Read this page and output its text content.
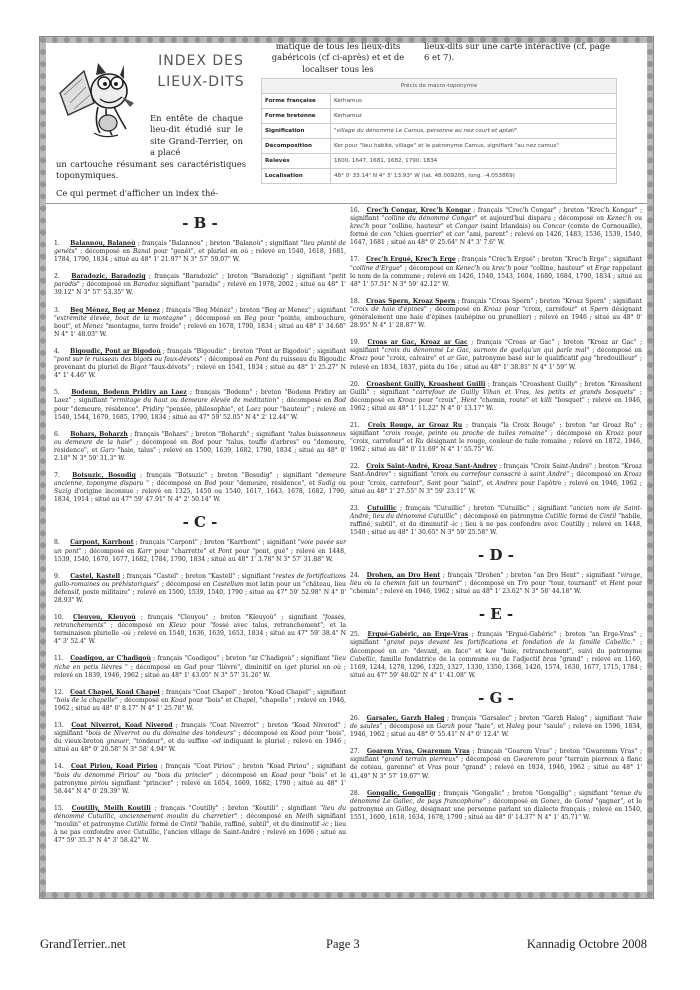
INDEX DES
LIEUX-DITS
En entête de chaque lieu-dit étudié sur le site Grand-Terrier, on a placé
un cartouche résumant ses caractéristiques toponymiques.
Ce qui permet d'afficher un index thé-
matique de tous les lieux-dits gabéricois (cf ci-après) et et de localiser tous les
lieux-dits sur une carte intéractive (cf. page 6 et 7).
Précis de macro-toponymie	
Forme française	Kerhamus
Forme bretonne	Kerhamuz
Signification	"village du dénommé Le Camus, personne au nez court et aplati"
Décomposition	Ker pour "lieu habité, village" et le patronyme Camus, signifiant "au nez camus"
Relevés	1600, 1647, 1681, 1682, 1790, 1834
Localisation	48° 0' 33.14" N 4° 3' 13.93" W (lat. 48.009205, long. -4.053869)
- B -
1. Balannou, Balanoù ; français "Balannou" ; breton "Balanoù" ; signifiant "lieu planté de genêts" ; décomposé en Banal pour "genêt", et pluriel en où ; relevé en 1540, 1618, 1681, 1784, 1790, 1834 ; situé au 48° 1' 21.97" N 3° 57' 59.07" W.
2. Baradozic, Baradozig ; français "Baradozic" ; breton "Baradozig" ; signifiant "petit paradis" ; décomposé en Baradoz signifiant "paradis" ; relevé en 1978, 2002 ; situé au 48° 1' 39.12" N 3° 57' 53.35" W.
3. Beg Ménez, Beg ar Menez ; français "Beg Ménez" ; breton "Beg ar Menez" ; signifiant "extrémité élevée, bout de la montagne" ; décomposé en Beg pour "pointe, embouchure, bout", et Menez "montagne, terre froide" ; relevé en 1678, 1790, 1834 ; situé au 48° 1' 34.68" N 4° 1' 48.03" W.
4. Bigoudic, Pont ar Bigodoù ; français "Bigoudic" ; breton "Pont ar Bigodoù" ; signifiant "pont sur le ruisseau des bigots ou faux-dévots" ; décomposé en Pont du ruisseau du Bigoudic provenant du pluriel de Bigot "faux-dévots" ; relevé en 1541, 1834 ; situé au 48° 1' 25.27" N 4° 1' 4.46" W.
5. Bodenn, Bodenn Pridiry an Laez ; français "Bodenn" ; breton "Bodenn Pridiry an Laez" ; signifiant "ermitage du haut ou demeure élevée de méditation" ; décomposé en Bod pour "demeure, résidence", Pridiry "pensée, philosophie", et Laez pour "hauteur" ; relevé en 1540, 1544, 1679, 1685, 1790, 1834 ; situé au 47° 59' 52.05" N 4° 2' 12.44" W.
6. Bohars, Boharzh ; français "Bohars" ; breton "Boharzh" ; signifiant "talus buissonneux ou demeure de la haie" ; décomposé en Bod pour "talus, touffe d'arbres" ou "demeure, résidence", et Garz "haie, talus" ; relevé en 1500, 1639, 1682, 1790, 1834 ; situé au 48° 0' 2.18" N 3° 59' 31.3" W.
7. Botsuzic, Bosudig ; français "Botsuzic" ; breton "Bosudig" ; signifiant "demeure ancienne, toponyme disparu " ; décomposé en Bod pour "demeure, résidence", et Sudig ou Suzig d'origine inconnue ; relevé en 1325, 1450 ou 1540, 1617, 1643, 1678, 1682, 1790, 1834, 1914 ; situé au 47° 59' 47.91" N 4° 2' 50.14" W.
- C -
8. Carpont, Karrbont ; français "Carpont" ; breton "Karrbont" ; signifiant "voie pavée sur un pont" ; décomposé en Karr pour "charrette" et Pont pour "pont, gué" ; relevé en 1448, 1539, 1540, 1670, 1677, 1682, 1784, 1790, 1834 ; situé au 48° 1' 3.78" N 3° 57' 31.88" W.
9. Castel, Kastell ; français "Castel" ; breton "Kastell" ; signifiant "restes de fortifications gallo-romaines ou préhistoriques" ; décomposé en Castellum mot latin pour un "château, lieu défensif, poste militaire" ; relevé en 1500, 1539, 1540, 1790 ; situé au 47° 59' 52.98" N 4° 0' 28.93" W.
10. Cleuyou, Kleuyoù ; français "Cleuyou" ; breton "Kleuyoù" ; signifiant "fossés, retranchements" ; décomposé en Kleuz pour "fossé avec talus, retranchement", et la terminaison plurielle -où ; relevé en 1540, 1636, 1639, 1653, 1834 ; situé au 47° 59' 38.4" N 4° 3' 52.4" W.
11. Coadigou, ar C'hadigoù ; français "Coadigou" ; breton "ar C'hadigoù" ; signifiant "lieu riche en petis lièvres " ; décomposé en Gad pour "lièvre", diminitif en iget pluriel en où ; relevé en 1839, 1946, 1962 ; situé au 48° 1' 43.05" N 3° 57' 31.26" W.
12. Coat Chapel, Koad Chapel ; français "Coat Chapel" ; breton "Koad Chapel" ; signifiant "bois de la chapelle" ; décomposé en Koad pour "bois" et Chapel, "chapelle" ; relevé en 1946, 1962 ; situé au 48° 0' 8.17" N 4° 1' 25.78" W.
13. Coat Niverrot, Koad Niverod ; français "Coat Niverrot" ; breton "Koad Niverod" ; signifiant "bois de Niverrot ou du domaine des tondeurs" ; décomposé en Koad pour "bois", du vieux-breton gneuer, "tondeur", et du suffixe -od indiquant le pluriel ; relevé en 1946 ; situé au 48° 0' 20.58" N 3° 58' 4.94" W.
14. Coat Piriou, Koad Piriou ; français "Coat Piriou" ; breton "Koad Piriou" ; signifiant "bois du dénommé Piriou" ou "bois du princier" ; décomposé en Koad pour "bois" et le patronyme piriou signifiant "princier" ; relevé en 1654, 1669, 1682, 1790 ; situé au 48° 1' 58.44" N 4° 0' 29.39" W.
15. Coutilly, Meilh Koutili ; français "Coutilly" ; breton "Koutili" ; signifiant "lieu du dénommé Cutuillic, anciennement moulin du charretier" ; décomposé en Meilh signifiant "moulin" et patronyme Cutillic formé de Cintil "habile, raffiné, subtil", et du diminutif -ic ; lieu à ne pas confondre avec Cutuillic, l'ancien village de Saint-André ; relevé en 1696 ; situé au 47° 59' 35.3" N 4° 3' 58.42" W.
16. Crec'h Congar, Krec'h Kongar ; français "Crec'h Congar" ; breton "Krec'h Kongar" ; signifiant "colline du dénommé Congar" et aujourd'hui disparu ; décomposé en Kenec'h ou krec'h pour "colline, hauteur" et Congar (saint Irlandais) ou Concar (comte de Cornouaille), formé de con "chien guerrier" et car "ami, parent" ; relevé en 1426, 1483, 1536, 1539, 1540, 1647, 1681 ; situé au 48° 0' 25.64" N 4° 3' 7.6" W.
17. Crec'h Ergué, Krec'h Erge ; français "Crec'h Ergué" ; breton "Krec'h Erge" ; signifiant "colline d'Ergue" ; décomposé en Kenec'h ou krec'h pour "colline, hauteur" et Erge rappelant le nom de la commune ; relevé en 1426, 1540, 1543, 1604, 1680, 1684, 1790, 1834 ; situé au 48° 1' 57.51" N 3° 59' 42.12" W.
18. Croas Spern, Kroaz Spern ; français "Croas Spern" ; breton "Kroaz Spern" ; signifiant "croix de haie d'épines" ; décomposé en Kroaz pour "croix, carrefour" et Spern désignant généralement une haie d'épines (aubépine ou prunellier) ; relevé en 1946 ; situé au 48° 0' 28.95" N 4° 1' 28.87" W.
19. Croas ar Gac, Kroaz ar Gac ; français "Croas ar Gac" ; breton "Kroaz ar Gac" ; signifiant "croix du dénommé Le Gac, surnom de quelqu'un qui parle mal" ; décomposé en Kroaz pour "croix, calvaire" et ar Gac, patronyme basé sur le qualificatif gag "bredouilleur" ; relevé en 1834, 1837, piéta du 16e ; situé au 48° 1' 38.81" N 4° 1' 59" W.
20. Croashent Guilly, Kroashent Guilli ; français "Croashent Guilly" ; breton "Kroashent Guilli" ; signifiant "carrefour de Guilly Vihan et Vras, les petits et grands bosquets" ; décomposé en Kroaz pour "croix", Hent "chemin, route" et killi "bosquet" ; relevé en 1946, 1962 ; situé au 48° 1' 11.22" N 4° 0' 13.17" W.
21. Croix Rouge, ar Groaz Ru ; français "la Croix Rouge" ; breton "ar Groaz Ru" ; signifiant "croix rouge, peinte ou proche de tuiles romaine" ; décomposé en Kroaz pour "croix, carrefour" et Ru désignant le rouge, couleur de tuile romaine ; relevé en 1872, 1946, 1962 ; situé au 48° 0' 11.69" N 4° 1' 55.75" W.
22. Croix Saint-André, Kroaz Sant-Andrev ; français "Croix Saint-André" ; breton "Kroaz Sant-Andrev" ; signifiant "croix ou carrefour consacré à saint André" ; décomposé en Kroaz pour "croix, carrefour", Sant pour "saint", et Andrev pour l'apôtre ; relevé en 1946, 1962 ; situé au 48° 1' 27.55" N 3° 59' 23.11" W.
23. Cutuillic ; français "Cutuillic" ; breton "Cutuillic" ; signifiant "ancien nom de Saint-André, lieu du dénommé Cutuillic" ; décomposé en patronyme Cutillic formé de Cintil "habile, raffiné, subtil", et du diminutif -ic ; lieu à ne pas confondre avec Coutilly ; relevé en 1448, 1540 ; situé au 48° 1' 30.65" N 3° 59' 25.58" W.
- D -
24. Drohen, an Dro Hent ; français "Drohen" ; breton "an Dro Hent" ; signifiant "virage, lieu où la chemin fait un tournant" ; décomposé en Tro pour "tour, tournant" et Hent pour "chemin" ; relevé en 1946, 1962 ; situé au 48° 1' 23.62" N 3° 58' 44.18" W.
- E -
25. Ergué-Gabéric, an Erge-Vras ; français "Ergué-Gabéric" ; breton "an Erge-Vras" ; signifiant "grand pays devant les fortifications et fondation de la famille Cabellic." ; décomposé en ar- "devant, en face" et kae "haie, retranchement", suivi du patronyme Cabellic, famille fondatrice de la commune ou de l'adjectif bras "grand" ; relevé en 1160, 1169, 1244, 1278, 1296, 1325, 1327, 1330, 1350, 1368, 1426, 1574, 1630, 1677, 1715, 1784 ; situé au 47° 59' 48.02" N 4° 1' 41.08" W.
- G -
26. Garsalec, Garzh Haleg ; français "Garsalec" ; breton "Garzh Haleg" ; signifiant "haie de saules" ; décomposé en Garzh pour "haie", et Haleg pour "saule" ; relevé en 1596, 1834, 1946, 1962 ; situé au 48° 0' 55.41" N 4° 0' 12.4" W.
27. Goarem Vras, Gwaremm Vras ; français "Goarem Vras" ; breton "Gwaremm Vras" ; signifiant "grand terrain pierreux" ; décomposé en Gwaremm pour "terrain pierreux à flanc de coteau, garenne" et Vras pour "grand" ; relevé en 1834, 1946, 1962 ; situé au 48° 1' 41.49" N 3° 57' 19.67" W.
28. Gongalic, Gongallig ; français "Gongalic" ; breton "Gongallig" ; signifiant "tenue du dénommé Le Gallec, de pays francophone" ; décomposé en Gonez, de Gonid "gagner", et le patronyme an Galleg, désignant une personne parlant un dialecte français ; relevé en 1540, 1551, 1600, 1618, 1634, 1678, 1790 ; situé au 48° 0' 14.37" N 4° 1' 45.71" W.
GrandTerrier..net	Page 3	Kannadig Octobre 2008
